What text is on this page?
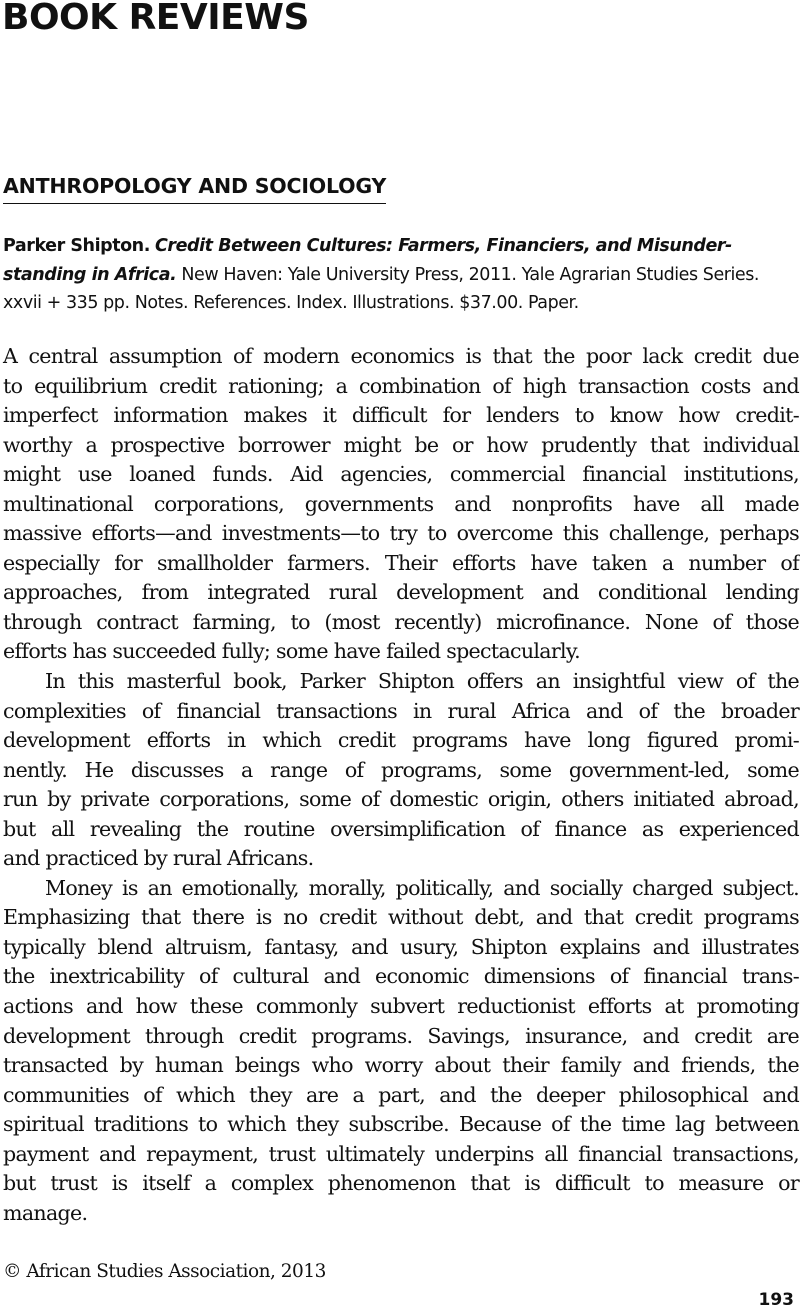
BOOK REVIEWS
ANTHROPOLOGY AND SOCIOLOGY
Parker Shipton. Credit Between Cultures: Farmers, Financiers, and Misunder-
standing in Africa. New Haven: Yale University Press, 2011. Yale Agrarian Studies Series.
xxvii + 335 pp. Notes. References. Index. Illustrations. $37.00. Paper.
A central assumption of modern economics is that the poor lack credit due
to equilibrium credit rationing; a combination of high transaction costs and
imperfect information makes it difficult for lenders to know how credit-
worthy a prospective borrower might be or how prudently that individual
might use loaned funds. Aid agencies, commercial financial institutions,
multinational corporations, governments and nonprofits have all made
massive efforts—and investments—to try to overcome this challenge, perhaps
especially for smallholder farmers. Their efforts have taken a number of
approaches, from integrated rural development and conditional lending
through contract farming, to (most recently) microfinance. None of those
efforts has succeeded fully; some have failed spectacularly.
In this masterful book, Parker Shipton offers an insightful view of the
complexities of financial transactions in rural Africa and of the broader
development efforts in which credit programs have long figured promi-
nently. He discusses a range of programs, some government-led, some
run by private corporations, some of domestic origin, others initiated abroad,
but all revealing the routine oversimplification of finance as experienced
and practiced by rural Africans.
Money is an emotionally, morally, politically, and socially charged subject.
Emphasizing that there is no credit without debt, and that credit programs
typically blend altruism, fantasy, and usury, Shipton explains and illustrates
the inextricability of cultural and economic dimensions of financial trans-
actions and how these commonly subvert reductionist efforts at promoting
development through credit programs. Savings, insurance, and credit are
transacted by human beings who worry about their family and friends, the
communities of which they are a part, and the deeper philosophical and
spiritual traditions to which they subscribe. Because of the time lag between
payment and repayment, trust ultimately underpins all financial transactions,
but trust is itself a complex phenomenon that is difficult to measure or
manage.

© African Studies Association, 2013

193
